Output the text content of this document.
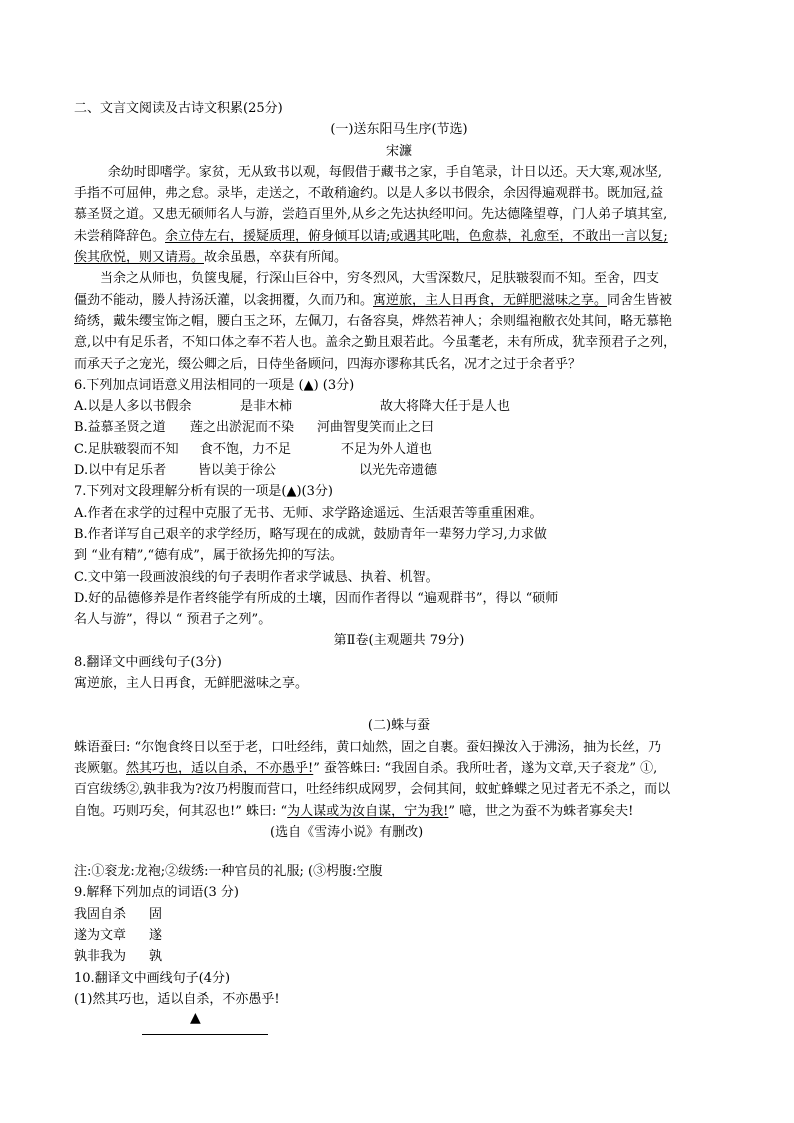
二、文言文阅读及古诗文积累(25分)
(一)送东阳马生序(节选)
宋濂
余幼时即嗜学。家贫，无从致书以观，每假借于藏书之家，手自笔录，计日以还。天大寒,观冰坚,
手指不可屈伸，弗之怠。录毕，走送之，不敢稍逾约。以是人多以书假余，余因得遍观群书。既加冠,益
慕圣贤之道。又患无硕师名人与游，尝趋百里外,从乡之先达执经叩问。先达德隆望尊，门人弟子填其室,
未尝稍降辞色。余立侍左右，援疑质理，俯身倾耳以请;或遇其叱咄，色愈恭，礼愈至，不敢出一言以复;
俟其欣悦，则又请焉。故余虽愚，卒获有所闻。
当余之从师也，负箧曳屣，行深山巨谷中，穷冬烈风，大雪深数尺，足肤皲裂而不知。至舍，四支
僵劲不能动，媵人持汤沃灌，以衾拥覆，久而乃和。寓逆旅，主人日再食，无鲜肥滋味之享。同舍生皆被
绮绣，戴朱缨宝饰之帽，腰白玉之环，左佩刀，右备容臭，烨然若神人；余则缊袍敝衣处其间，略无慕艳
意,以中有足乐者，不知口体之奉不若人也。盖余之勤且艰若此。今虽耄老，未有所成，犹幸预君子之列，
而承天子之宠光，缀公卿之后，日侍坐备顾问，四海亦谬称其氏名，况才之过于余者乎？
6.下列加点词语意义用法相同的一项是 (▲) (3分)
A.以是人多以书假余	是非木柿	故大将降大任于是人也
B.益慕圣贤之道 莲之出淤泥而不染 河曲智叟笑而止之曰
C.足肤皲裂而不知 食不饱，力不足	不足为外人道也
D.以中有足乐者 皆以美于徐公	以光先帝遗德
7.下列对文段理解分析有误的一项是(▲)(3分)
A.作者在求学的过程中克服了无书、无师、求学路途遥远、生活艰苦等重重困难。
B.作者详写自己艰辛的求学经历，略写现在的成就，鼓励青年一辈努力学习,力求做
到 “业有精”,“德有成”，属于欲扬先抑的写法。
C.文中第一段画波浪线的句子表明作者求学诚恳、执着、机智。
D.好的品德修养是作者终能学有所成的土壤，因而作者得以 “遍观群书”，得以 “硕师
名人与游”，得以 “ 预君子之列”。
第Ⅱ卷(主观题共 79分)
8.翻译文中画线句子(3分)
寓逆旅，主人日再食，无鲜肥滋味之享。
(二)蛛与蚕
蛛语蚕曰: “尔饱食终日以至于老，口吐经纬，黄口灿然，固之自裹。蚕妇操汝入于沸汤，抽为长丝，乃
丧厥躯。然其巧也，适以自杀，不亦愚乎!” 蚕答蛛曰: “我固自杀。我所吐者，遂为文章,天子衮龙” ①,
百宫绂绣②,孰非我为?汝乃枵腹而营口，吐经纬织成网罗，会伺其间，蚊虻蜂蝶之见过者无不杀之，而以
自饱。巧则巧矣，何其忍也!” 蛛曰: “为人谋或为汝自谋，宁为我!” 噫，世之为蚕不为蛛者寡矣夫!
(选自《雪涛小说》有删改)
注:①衮龙:龙袍;②绂绣:一种官员的礼服; (③枵腹:空腹
9.解释下列加点的词语(3 分)
我固自杀 固
遂为文章 遂
孰非我为 孰
10.翻译文中画线句子(4分)
(1)然其巧也，适以自杀，不亦愚乎!
▲
